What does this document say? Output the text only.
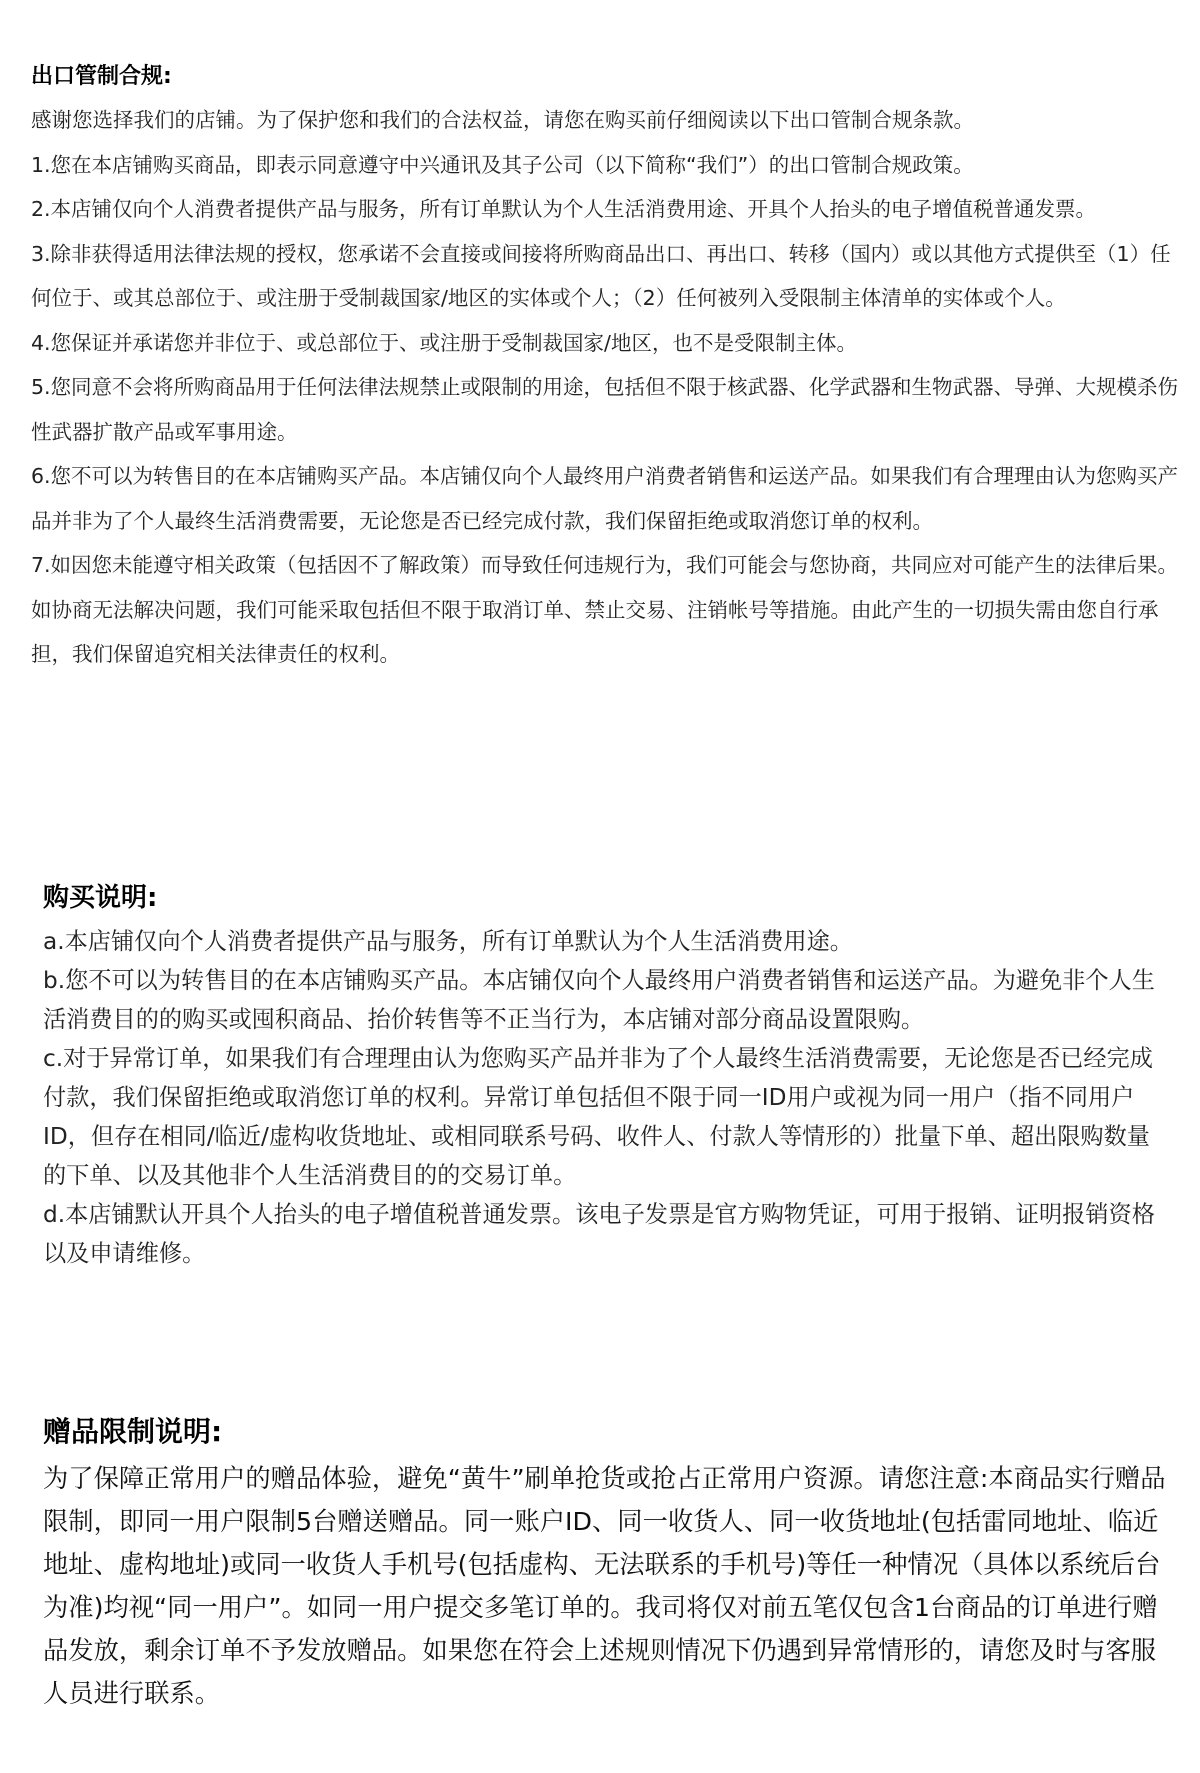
出口管制合规:

感谢您选择我们的店铺。为了保护您和我们的合法权益，请您在购买前仔细阅读以下出口管制合规条款。

1.您在本店铺购买商品，即表示同意遵守中兴通讯及其子公司（以下简称“我们”）的出口管制合规政策。

2.本店铺仅向个人消费者提供产品与服务，所有订单默认为个人生活消费用途、开具个人抬头的电子增值税普通发票。

3.除非获得适用法律法规的授权，您承诺不会直接或间接将所购商品出口、再出口、转移（国内）或以其他方式提供至（1）任何位于、或其总部位于、或注册于受制裁国家/地区的实体或个人；（2）任何被列入受限制主体清单的实体或个人。

4.您保证并承诺您并非位于、或总部位于、或注册于受制裁国家/地区，也不是受限制主体。

5.您同意不会将所购商品用于任何法律法规禁止或限制的用途，包括但不限于核武器、化学武器和生物武器、导弹、大规模杀伤性武器扩散产品或军事用途。

6.您不可以为转售目的在本店铺购买产品。本店铺仅向个人最终用户消费者销售和运送产品。如果我们有合理理由认为您购买产品并非为了个人最终生活消费需要，无论您是否已经完成付款，我们保留拒绝或取消您订单的权利。

7.如因您未能遵守相关政策（包括因不了解政策）而导致任何违规行为，我们可能会与您协商，共同应对可能产生的法律后果。如协商无法解决问题，我们可能采取包括但不限于取消订单、禁止交易、注销帐号等措施。由此产生的一切损失需由您自行承担，我们保留追究相关法律责任的权利。

购买说明:

a.本店铺仅向个人消费者提供产品与服务，所有订单默认为个人生活消费用途。

b.您不可以为转售目的在本店铺购买产品。本店铺仅向个人最终用户消费者销售和运送产品。为避免非个人生活消费目的的购买或囤积商品、抬价转售等不正当行为，本店铺对部分商品设置限购。

c.对于异常订单，如果我们有合理理由认为您购买产品并非为了个人最终生活消费需要，无论您是否已经完成付款，我们保留拒绝或取消您订单的权利。异常订单包括但不限于同一ID用户或视为同一用户（指不同用户ID，但存在相同/临近/虚构收货地址、或相同联系号码、收件人、付款人等情形的）批量下单、超出限购数量的下单、以及其他非个人生活消费目的的交易订单。

d.本店铺默认开具个人抬头的电子增值税普通发票。该电子发票是官方购物凭证，可用于报销、证明报销资格以及申请维修。

赠品限制说明:

为了保障正常用户的赠品体验，避免“黄牛”刷单抢货或抢占正常用户资源。请您注意:本商品实行赠品限制，即同一用户限制5台赠送赠品。同一账户ID、同一收货人、同一收货地址(包括雷同地址、临近地址、虚构地址)或同一收货人手机号(包括虚构、无法联系的手机号)等任一种情况（具体以系统后台为准)均视“同一用户”。如同一用户提交多笔订单的。我司将仅对前五笔仅包含1台商品的订单进行赠品发放，剩余订单不予发放赠品。如果您在符会上述规则情况下仍遇到异常情形的，请您及时与客服人员进行联系。
